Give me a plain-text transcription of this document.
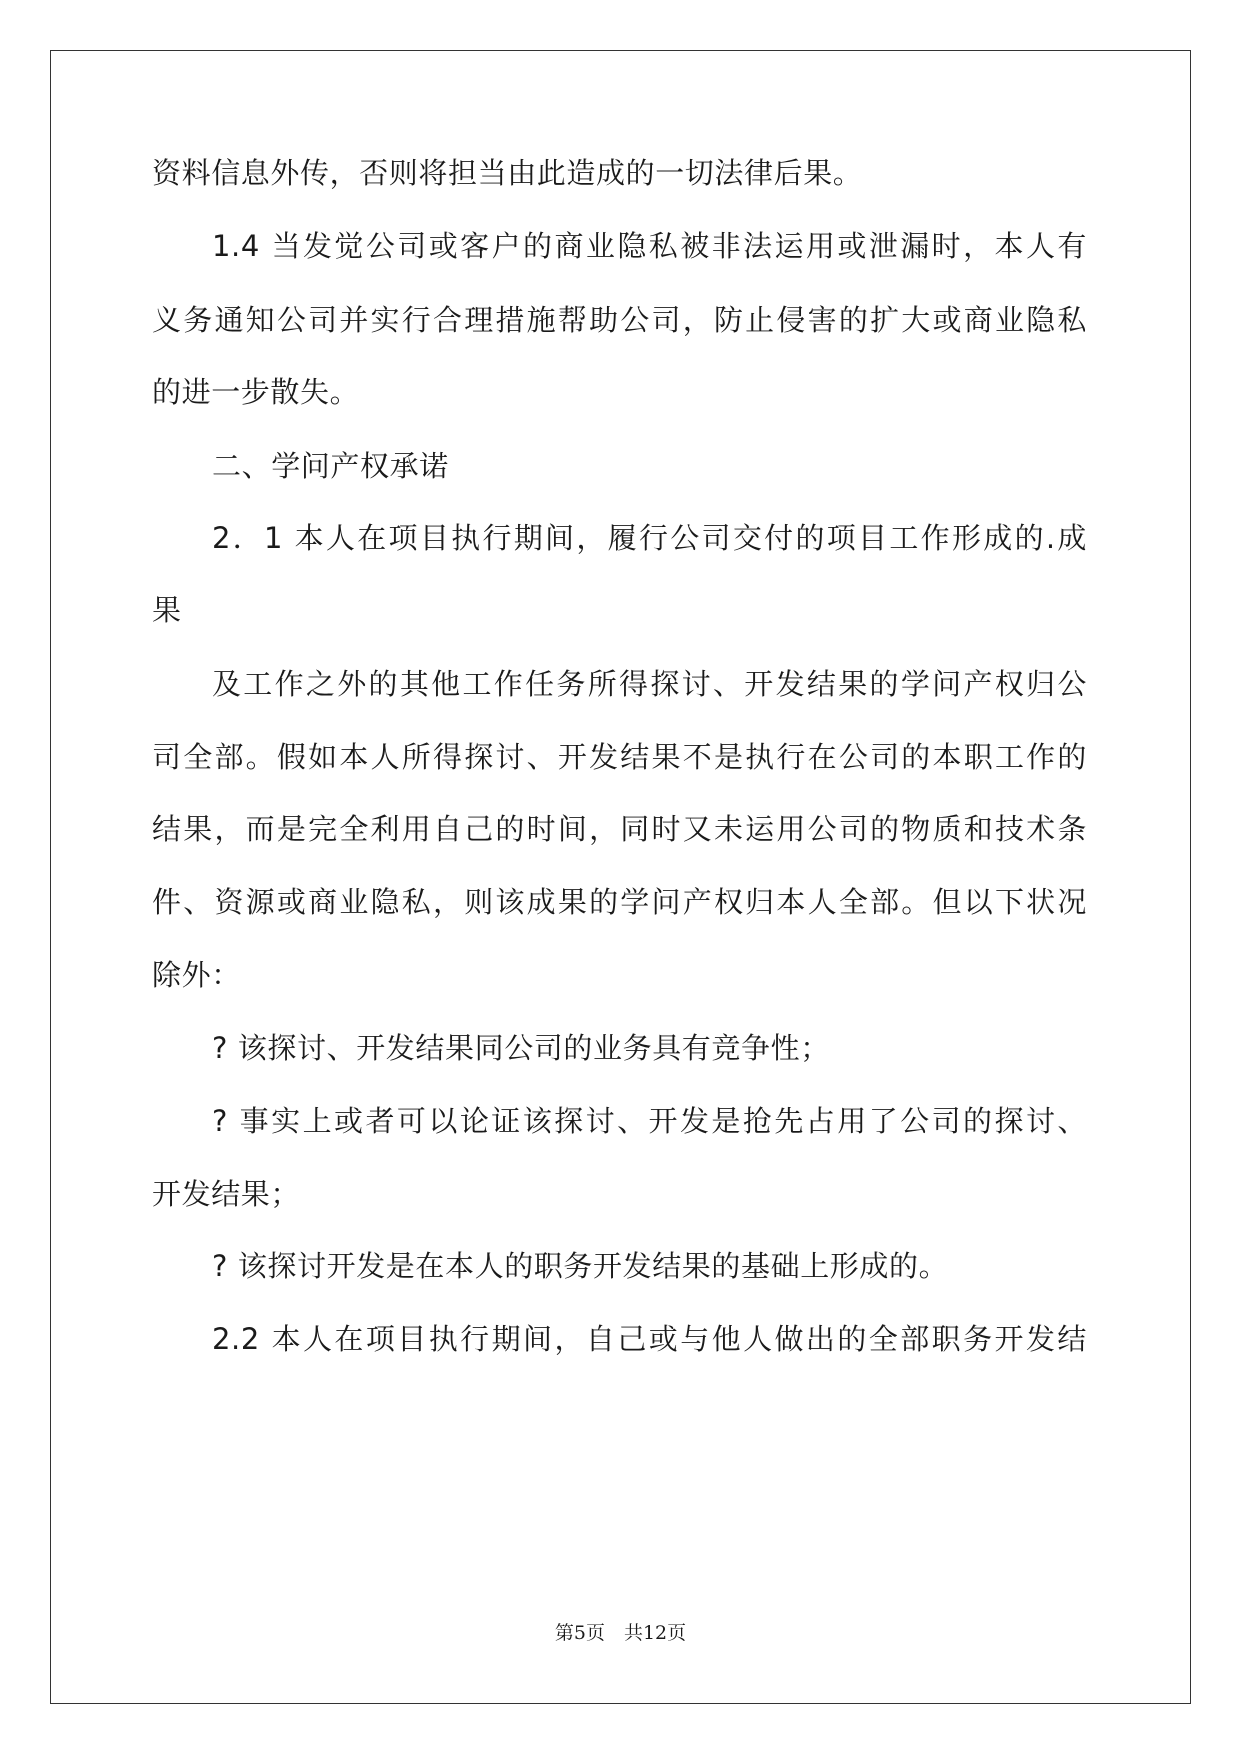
资料信息外传，否则将担当由此造成的一切法律后果。
1.4 当发觉公司或客户的商业隐私被非法运用或泄漏时，本人有
义务通知公司并实行合理措施帮助公司，防止侵害的扩大或商业隐私
的进一步散失。
二、学问产权承诺
2．1 本人在项目执行期间，履行公司交付的项目工作形成的.成
果
及工作之外的其他工作任务所得探讨、开发结果的学问产权归公
司全部。假如本人所得探讨、开发结果不是执行在公司的本职工作的
结果，而是完全利用自己的时间，同时又未运用公司的物质和技术条
件、资源或商业隐私，则该成果的学问产权归本人全部。但以下状况
除外：
? 该探讨、开发结果同公司的业务具有竞争性；
? 事实上或者可以论证该探讨、开发是抢先占用了公司的探讨、
开发结果；
? 该探讨开发是在本人的职务开发结果的基础上形成的。
2.2 本人在项目执行期间，自己或与他人做出的全部职务开发结
第5页　共12页
